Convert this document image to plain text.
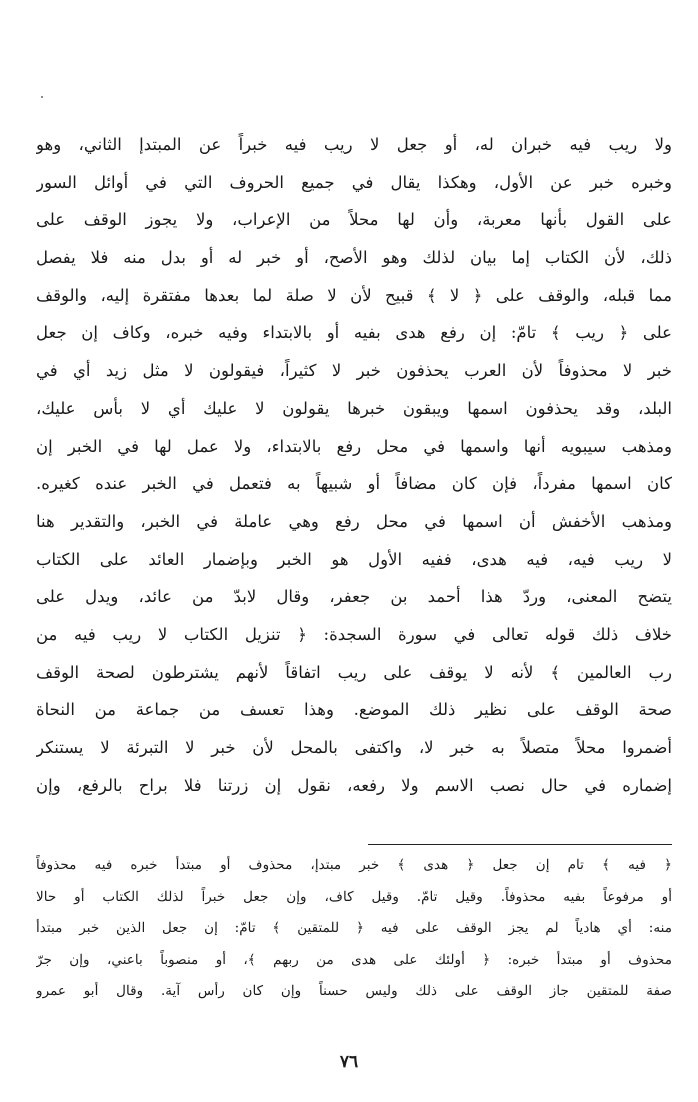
ولا ريب فيه خبران له، أو جعل لا ريب فيه خبراً عن المبتدإ الثاني، وهو
وخبره خبر عن الأول، وهكذا يقال في جميع الحروف التي في أوائل السور
على القول بأنها معربة، وأن لها محلاً من الإعراب، ولا يجوز الوقف على
ذلك، لأن الكتاب إما بيان لذلك وهو الأصح، أو خبر له أو بدل منه فلا يفصل
مما قبله، والوقف على ﴿ لا ﴾ قبيح لأن لا صلة لما بعدها مفتقرة إليه، والوقف
على ﴿ ريب ﴾ تامّ: إن رفع هدى بفيه أو بالابتداء وفيه خبره، وكاف إن جعل
خبر لا محذوفاً لأن العرب يحذفون خبر لا كثيراً، فيقولون لا مثل زيد أي في
البلد، وقد يحذفون اسمها ويبقون خبرها يقولون لا عليك أي لا بأس عليك،
ومذهب سيبويه أنها واسمها في محل رفع بالابتداء، ولا عمل لها في الخبر إن
كان اسمها مفرداً، فإن كان مضافاً أو شبيهاً به فتعمل في الخبر عنده كغيره.
ومذهب الأخفش أن اسمها في محل رفع وهي عاملة في الخبر، والتقدير هنا
لا ريب فيه، فيه هدى، ففيه الأول هو الخبر وبإضمار العائد على الكتاب
يتضح المعنى، وردّ هذا أحمد بن جعفر، وقال لابدّ من عائد، ويدل على
خلاف ذلك قوله تعالى في سورة السجدة: ﴿ تنزيل الكتاب لا ريب فيه من
رب العالمين ﴾ لأنه لا يوقف على ريب اتفاقاً لأنهم يشترطون لصحة الوقف
صحة الوقف على نظير ذلك الموضع. وهذا تعسف من جماعة من النحاة
أضمروا محلاً متصلاً به خبر لا، واكتفى بالمحل لأن خبر لا التبرئة لا يستنكر
إضماره في حال نصب الاسم ولا رفعه، نقول إن زرتنا فلا براح بالرفع، وإن
﴿ فيه ﴾ تام إن جعل ﴿ هدى ﴾ خبر مبتدإ، محذوف أو مبتدأ خبره فيه محذوفاً
أو مرفوعاً بفيه محذوفاً. وقيل تامّ. وقيل كاف، وإن جعل خبراً لذلك الكتاب أو حالا
منه: أي هادياً لم يجز الوقف على فيه ﴿ للمتقين ﴾ تامّ: إن جعل الذين خبر مبتدأ
محذوف أو مبتدأ خبره: ﴿ أولئك على هدى من ربهم ﴾، أو منصوباً باعني، وإن جرّ
صفة للمتقين جاز الوقف على ذلك وليس حسناً وإن كان رأس آية. وقال أبو عمرو
٧٦
